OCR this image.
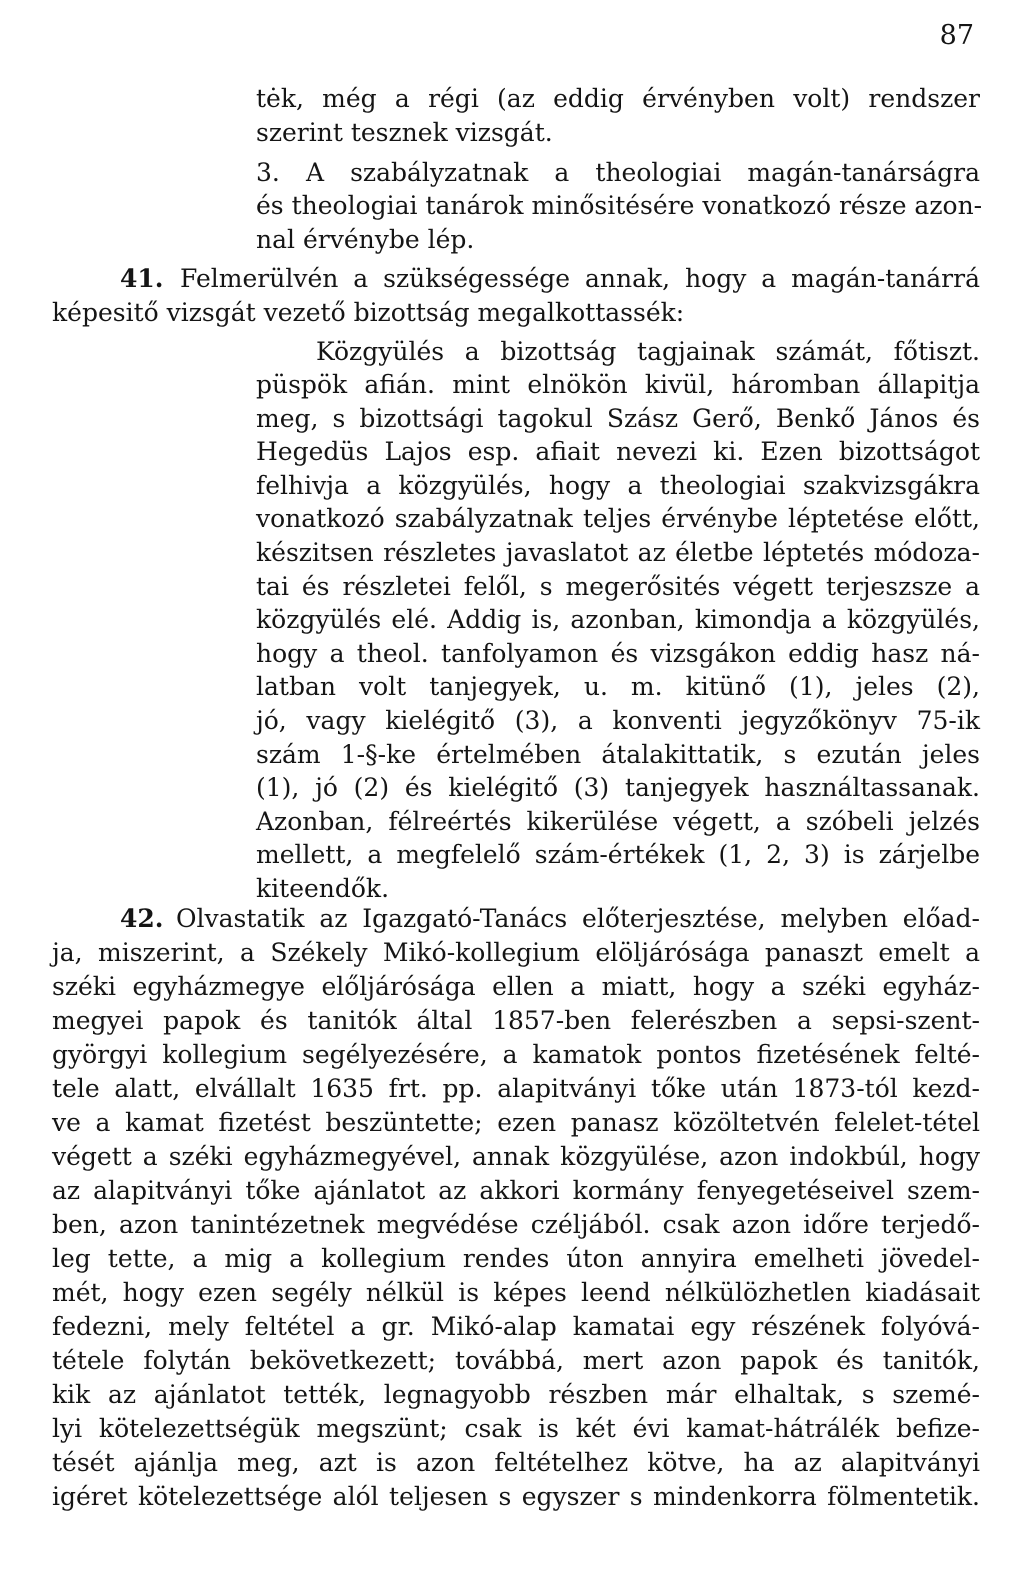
87
tėk, még a régi (az eddig érvényben volt) rendszer
szerint tesznek vizsgát.
3. A szabályzatnak a theologiai magán-tanárságra
és theologiai tanárok minősitésére vonatkozó része azon-
nal érvénybe lép.
41. Felmerülvén a szükségessége annak, hogy a magán-tanárrá
képesitő vizsgát vezető bizottság megalkottassék:
Közgyülés a bizottság tagjainak számát, főtiszt.
püspök afián. mint elnökön kivül, háromban állapitja
meg, s bizottsági tagokul Szász Gerő, Benkő János és
Hegedüs Lajos esp. afiait nevezi ki. Ezen bizottságot
felhivja a közgyülés, hogy a theologiai szakvizsgákra
vonatkozó szabályzatnak teljes érvénybe léptetése előtt,
készitsen részletes javaslatot az életbe léptetés módoza-
tai és részletei felől, s megerősités végett terjeszsze a
közgyülés elé. Addig is, azonban, kimondja a közgyülés,
hogy a theol. tanfolyamon és vizsgákon eddig hasz ná-
latban volt tanjegyek, u. m. kitünő (1), jeles (2),
jó, vagy kielégitő (3), a konventi jegyzőkönyv 75-ik
szám 1-§-ke értelmében átalakittatik, s ezután jeles
(1), jó (2) és kielégitő (3) tanjegyek használtassanak.
Azonban, félreértés kikerülése végett, a szóbeli jelzés
mellett, a megfelelő szám-értékek (1, 2, 3) is zárjelbe
kiteendők.
42. Olvastatik az Igazgató-Tanács előterjesztése, melyben előad-
ja, miszerint, a Székely Mikó-kollegium elöljárósága panaszt emelt a
széki egyházmegye előljárósága ellen a miatt, hogy a széki egyház-
megyei papok és tanitók által 1857-ben felerészben a sepsi-szent-
györgyi kollegium segélyezésére, a kamatok pontos fizetésének felté-
tele alatt, elvállalt 1635 frt. pp. alapitványi tőke után 1873-tól kezd-
ve a kamat fizetést beszüntette; ezen panasz közöltetvén felelet-tétel
végett a széki egyházmegyével, annak közgyülése, azon indokbúl, hogy
az alapitványi tőke ajánlatot az akkori kormány fenyegetéseivel szem-
ben, azon tanintézetnek megvédése czéljából. csak azon időre terjedő-
leg tette, a mig a kollegium rendes úton annyira emelheti jövedel-
mét, hogy ezen segély nélkül is képes leend nélkülözhetlen kiadásait
fedezni, mely feltétel a gr. Mikó-alap kamatai egy részének folyóvá-
tétele folytán bekövetkezett; továbbá, mert azon papok és tanitók,
kik az ajánlatot tették, legnagyobb részben már elhaltak, s szemé-
lyi kötelezettségük megszünt; csak is két évi kamat-hátrálék befize-
tését ajánlja meg, azt is azon feltételhez kötve, ha az alapitványi
igéret kötelezettsége alól teljesen s egyszer s mindenkorra fölmentetik.
